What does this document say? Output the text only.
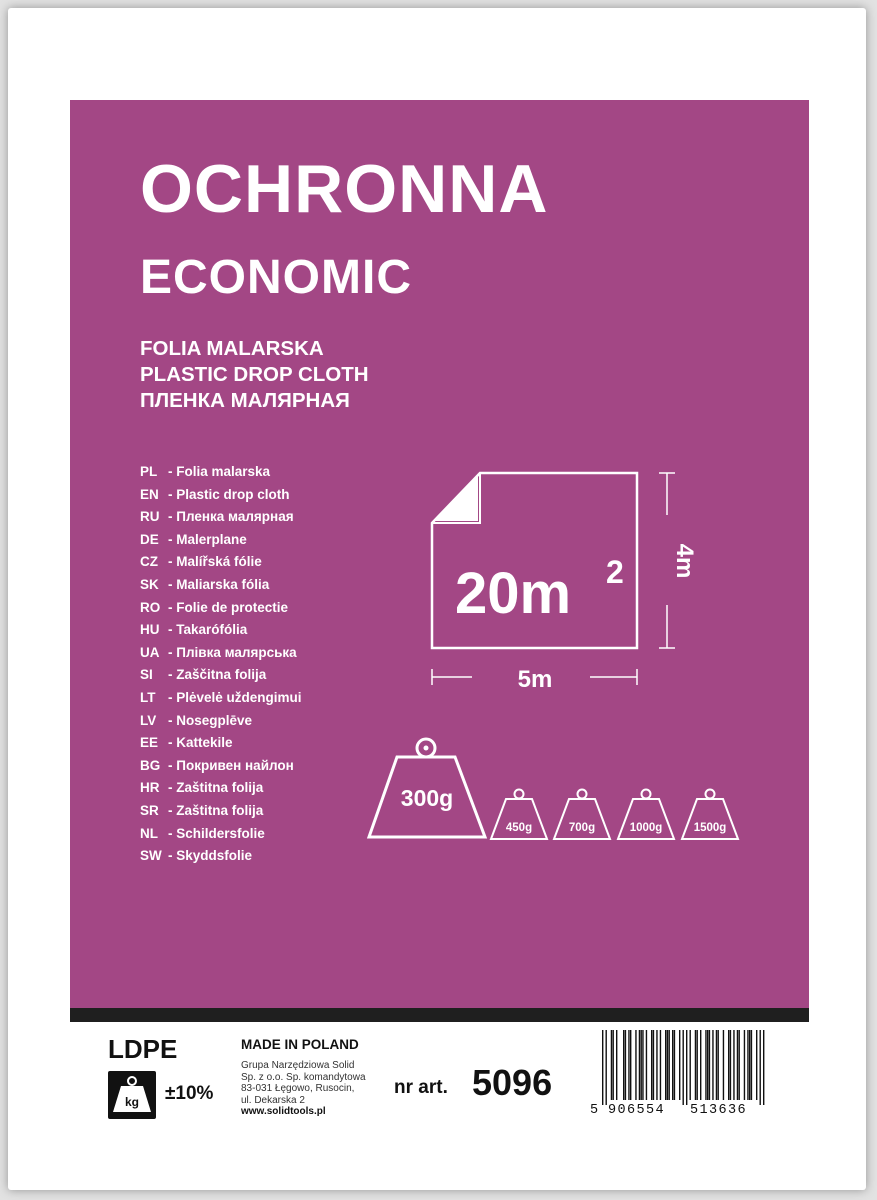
OCHRONNA
ECONOMIC
FOLIA MALARSKA
PLASTIC DROP CLOTH
ПЛЕНКА МАЛЯРНАЯ
PL - Folia malarska
EN - Plastic drop cloth
RU - Пленка малярная
DE - Malerplane
CZ - Malířská fólie
SK - Maliarska fólia
RO - Folie de protectie
HU - Takarófólia
UA - Плівка малярська
SI - Zaščitna folija
LT - Plėvelė uždengimui
LV - Nosegplēve
EE - Kattekile
BG - Покривен найлон
HR - Zaštitna folija
SR - Zaštitna folija
NL - Schildersfolie
SW - Skyddsfolie
20m 2
5m
4m
300g
450g	700g	1000g	1500g
LDPE
kg ±10%
MADE IN POLAND
Grupa Narzędziowa Solid
Sp. z o.o. Sp. komandytowa
83-031 Łęgowo, Rusocin,
ul. Dekarska 2
www.solidtools.pl
nr art. 5096
5 906554 513636
